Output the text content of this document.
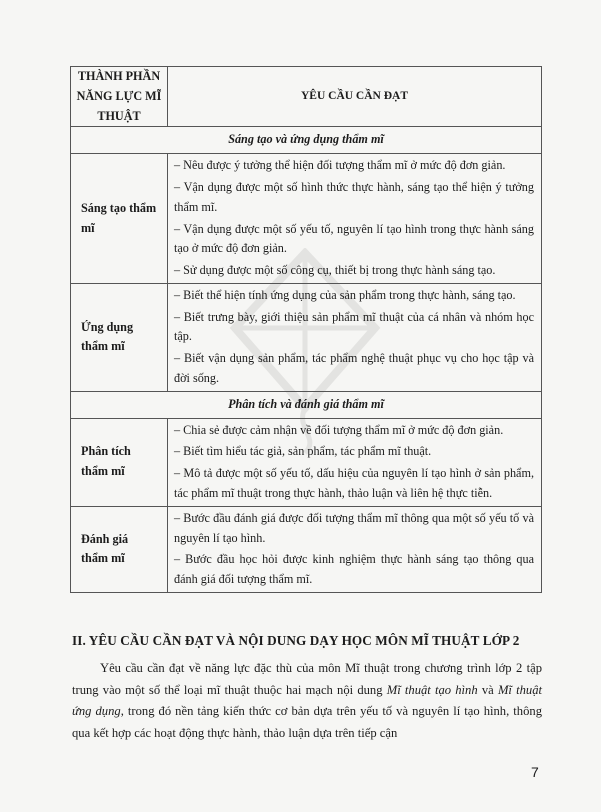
THÀNH PHẦN NĂNG LỰC MĨ THUẬT	YÊU CẦU CẦN ĐẠT
Sáng tạo và ứng dụng thẩm mĩ	
Sáng tạo thẩm mĩ	– Nêu được ý tưởng thể hiện đối tượng thẩm mĩ ở mức độ đơn giản.

– Vận dụng được một số hình thức thực hành, sáng tạo thể hiện ý tưởng thẩm mĩ.

– Vận dụng được một số yếu tố, nguyên lí tạo hình trong thực hành sáng tạo ở mức độ đơn giản.

– Sử dụng được một số công cụ, thiết bị trong thực hành sáng tạo.

Ứng dụng thẩm mĩ	– Biết thể hiện tính ứng dụng của sản phẩm trong thực hành, sáng tạo.

– Biết trưng bày, giới thiệu sản phẩm mĩ thuật của cá nhân và nhóm học tập.

– Biết vận dụng sản phẩm, tác phẩm nghệ thuật phục vụ cho học tập và đời sống.

Phân tích và đánh giá thẩm mĩ	
Phân tích thẩm mĩ	– Chia sẻ được cảm nhận về đối tượng thẩm mĩ ở mức độ đơn giản.

– Biết tìm hiểu tác giả, sản phẩm, tác phẩm mĩ thuật.

– Mô tả được một số yếu tố, dấu hiệu của nguyên lí tạo hình ở sản phẩm, tác phẩm mĩ thuật trong thực hành, thảo luận và liên hệ thực tiễn.

Đánh giá thẩm mĩ	– Bước đầu đánh giá được đối tượng thẩm mĩ thông qua một số yếu tố và nguyên lí tạo hình.

– Bước đầu học hỏi được kinh nghiệm thực hành sáng tạo thông qua đánh giá đối tượng thẩm mĩ.

II. YÊU CẦU CẦN ĐẠT VÀ NỘI DUNG DẠY HỌC MÔN MĨ THUẬT LỚP 2
Yêu cầu cần đạt về năng lực đặc thù của môn Mĩ thuật trong chương trình lớp 2 tập trung vào một số thể loại mĩ thuật thuộc hai mạch nội dung Mĩ thuật tạo hình và Mĩ thuật ứng dụng, trong đó nền tảng kiến thức cơ bản dựa trên yếu tố và nguyên lí tạo hình, thông qua kết hợp các hoạt động thực hành, thảo luận dựa trên tiếp cận
7
